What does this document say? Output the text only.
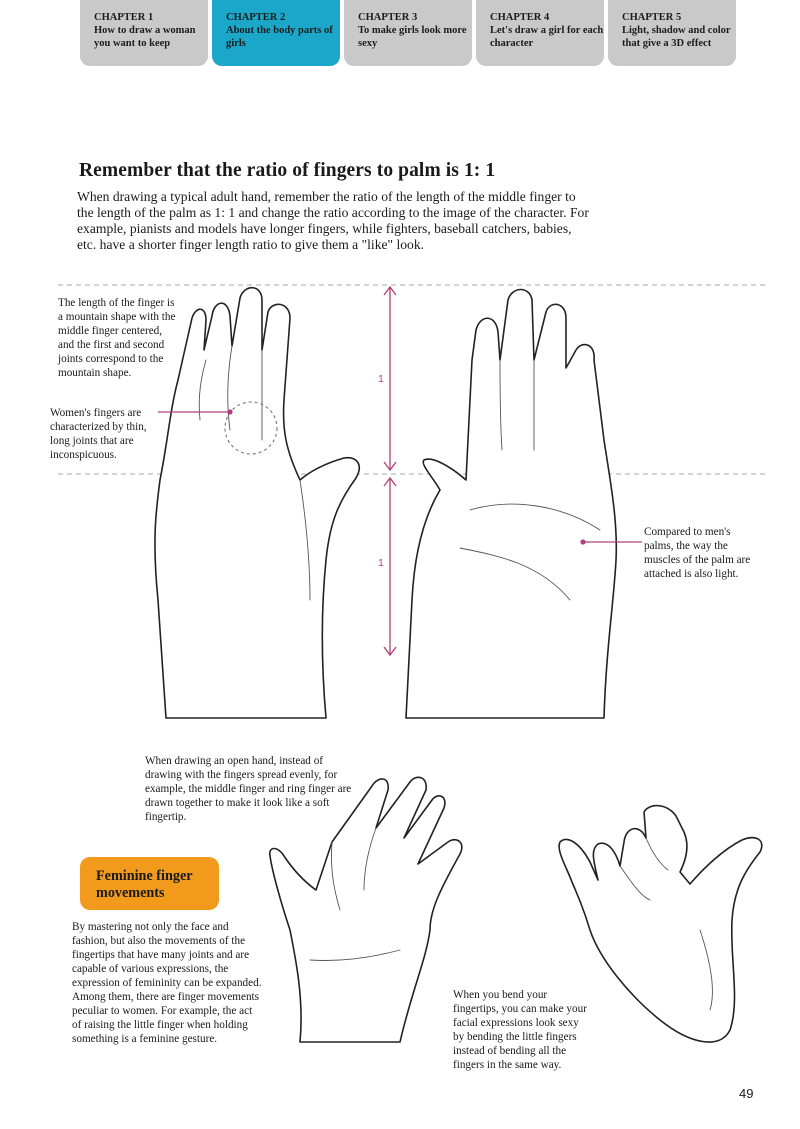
CHAPTER 1
How to draw a woman you want to keep
CHAPTER 2
About the body parts of girls
CHAPTER 3
To make girls look more sexy
CHAPTER 4
Let's draw a girl for each character
CHAPTER 5
Light, shadow and color that give a 3D effect
1
1
Remember that the ratio of fingers to palm is 1: 1

When drawing a typical adult hand, remember the ratio of the length of the middle finger to the length of the palm as 1: 1 and change the ratio according to the image of the character. For example, pianists and models have longer fingers, while fighters, baseball catchers, babies, etc. have a shorter finger length ratio to give them a "like" look.

The length of the finger is a mountain shape with the middle finger centered, and the first and second joints correspond to the mountain shape.

Women's fingers are characterized by thin, long joints that are inconspicuous.

Compared to men's palms, the way the muscles of the palm are attached is also light.

When drawing an open hand, instead of drawing with the fingers spread evenly, for example, the middle finger and ring finger are drawn together to make it look like a soft fingertip.

Feminine finger movements

By mastering not only the face and fashion, but also the movements of the fingertips that have many joints and are capable of various expressions, the expression of femininity can be expanded. Among them, there are finger movements peculiar to women. For example, the act of raising the little finger when holding something is a feminine gesture.

When you bend your fingertips, you can make your facial expressions look sexy by bending the little fingers instead of bending all the fingers in the same way.

49
